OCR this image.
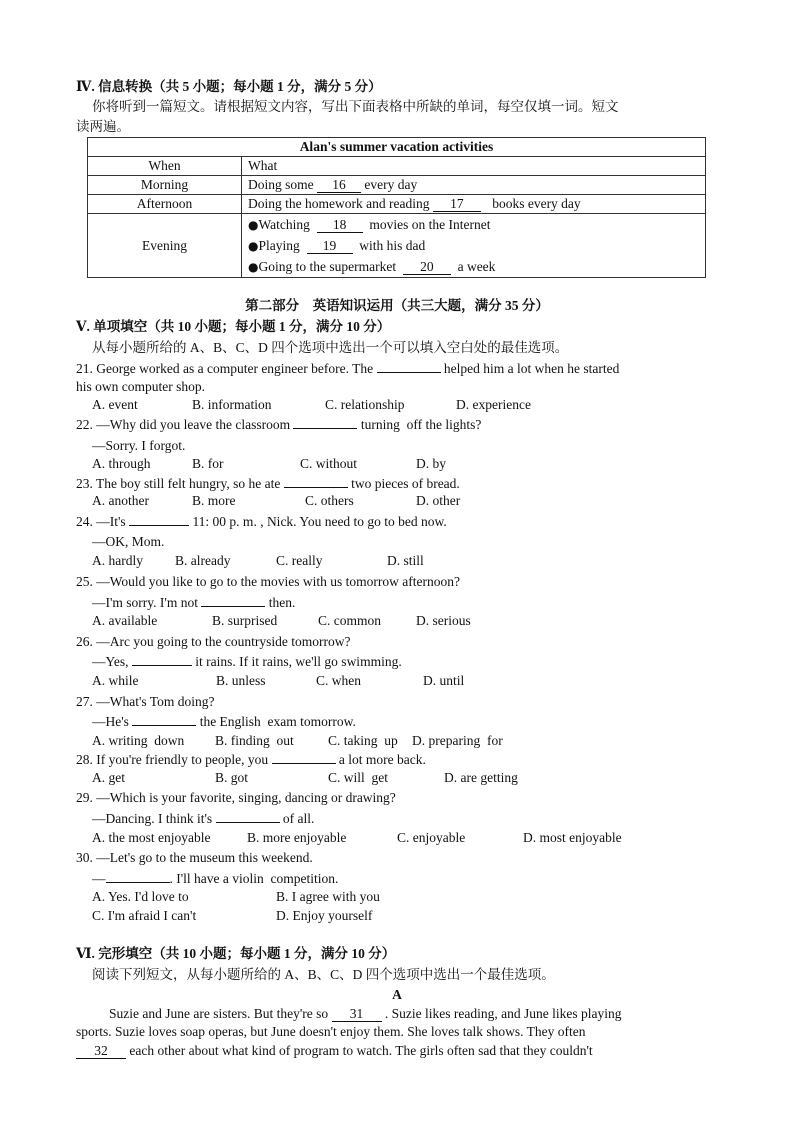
Ⅳ. 信息转换（共 5 小题；每小题 1 分，满分 5 分）
你将听到一篇短文。请根据短文内容，写出下面表格中所缺的单词，每空仅填一词。短文
读两遍。
Alan's summer vacation activities	
When	What
Morning	Doing some 16 every day
Afternoon	Doing the homework and reading 17 books every day
Evening	●Watching 18 movies on the Internet
●Playing 19 with his dad
●Going to the supermarket 20 a week
第二部分　英语知识运用（共三大题，满分 35 分）
Ⅴ. 单项填空（共 10 小题；每小题 1 分，满分 10 分）
从每小题所给的 A、B、C、D 四个选项中选出一个可以填入空白处的最佳选项。
21. George worked as a computer engineer before. The	helped him a lot when he started
his own computer shop.
A. event	B. information	C. relationship	D. experience
22. —Why did you leave the classroom	turning  off the lights?
—Sorry. I forgot.
A. through	B. for	C. without	D. by
23. The boy still felt hungry, so he ate	two pieces of bread.
A. another	B. more	C. others	D. other
24. —It's	11: 00 p. m. , Nick. You need to go to bed now.
—OK, Mom.
A. hardly B. already	C. really	D. still
25. —Would you like to go to the movies with us tomorrow afternoon?
—I'm sorry. I'm not	then.
A. available	B. surprised	C. common	D. serious
26. —Arc you going to the countryside tomorrow?
—Yes,	it rains. If it rains, we'll go swimming.
A. while	B. unless	C. when	D. until
27. —What's Tom doing?
—He's	the English  exam tomorrow.
A. writing  down B. finding  out	C. taking  up D. preparing  for
28. If you're friendly to people, you	a lot more back.
A. get	B. got	C. will  get	D. are getting
29. —Which is your favorite, singing, dancing or drawing?
—Dancing. I think it's	of all.
A. the most enjoyable	B. more enjoyable	C. enjoyable	D. most enjoyable
30. —Let's go to the museum this weekend.
—	. I'll have a violin  competition.
A. Yes. I'd love to	B. I agree with you
C. I'm afraid I can't	D. Enjoy yourself
Ⅵ. 完形填空（共 10 小题；每小题 1 分，满分 10 分）
阅读下列短文，从每小题所给的 A、B、C、D 四个选项中选出一个最佳选项。
A
Suzie and June are sisters. But they're so 31 . Suzie likes reading, and June likes playing
sports. Suzie loves soap operas, but June doesn't enjoy them. She loves talk shows. They often
32 each other about what kind of program to watch. The girls often sad that they couldn't
